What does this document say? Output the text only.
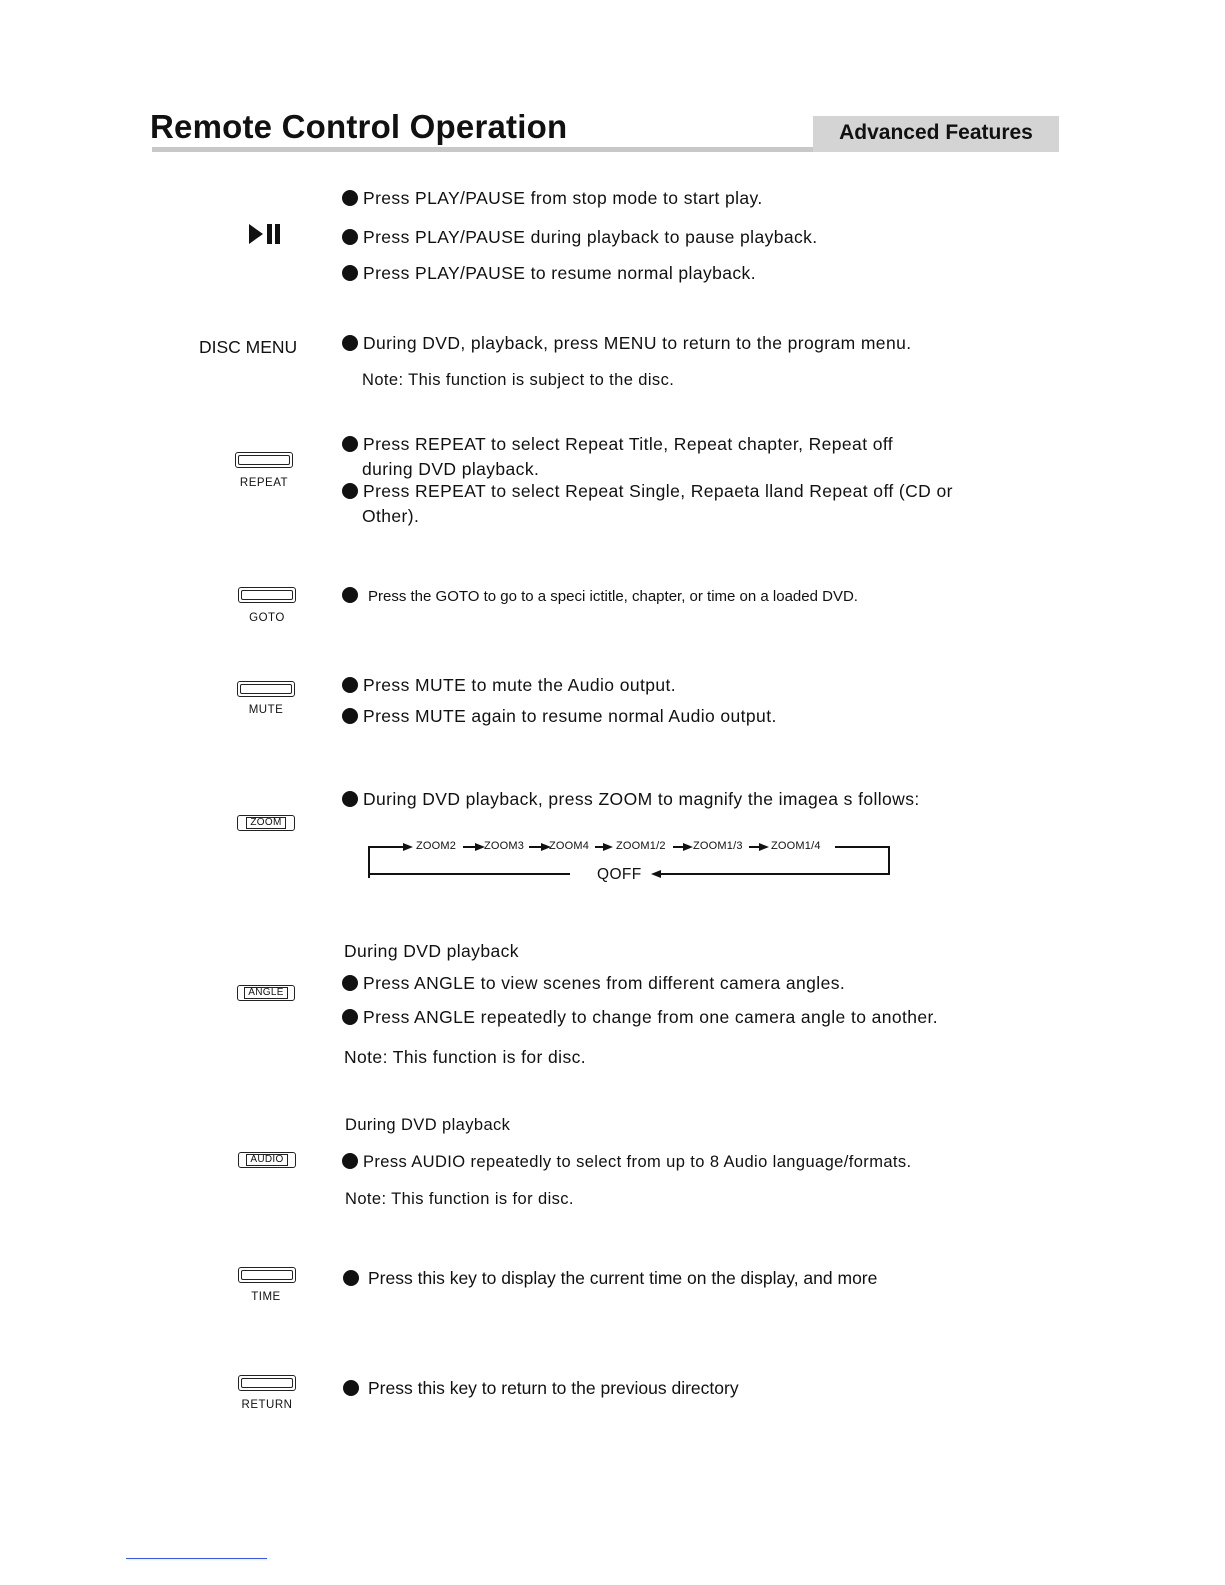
Remote Control Operation	Advanced Features
Press PLAY/PAUSE from stop mode to start play.
Press PLAY/PAUSE during playback to pause playback.
Press PLAY/PAUSE to resume normal playback.
DISC MENU	During DVD, playback, press MENU to return to the program menu.
Note: This function is subject to the disc.
REPEAT
Press REPEAT to select Repeat Title, Repeat chapter, Repeat off
during DVD playback.
Press REPEAT to select Repeat Single, Repaeta lland Repeat off (CD or
Other).
GOTO
Press the GOTO to go to a speci ictitle, chapter, or time on a loaded DVD.
MUTE
Press MUTE to mute the Audio output.
Press MUTE again to resume normal Audio output.
ZOOM
During DVD playback, press ZOOM to magnify the imagea s follows:
ZOOM2	ZOOM3 ZOOM4 ZOOM1/2 ZOOM1/3	ZOOM1/4
QOFF
ANGLE
During DVD playback
Press ANGLE to view scenes from different camera angles.
Press ANGLE repeatedly to change from one camera angle to another.
Note: This function is for disc.
AUDIO
During DVD playback
Press AUDIO repeatedly to select from up to 8 Audio language/formats.
Note: This function is for disc.
TIME
Press this key to display the current time on the display, and more
RETURN
Press this key to return to the previous directory
